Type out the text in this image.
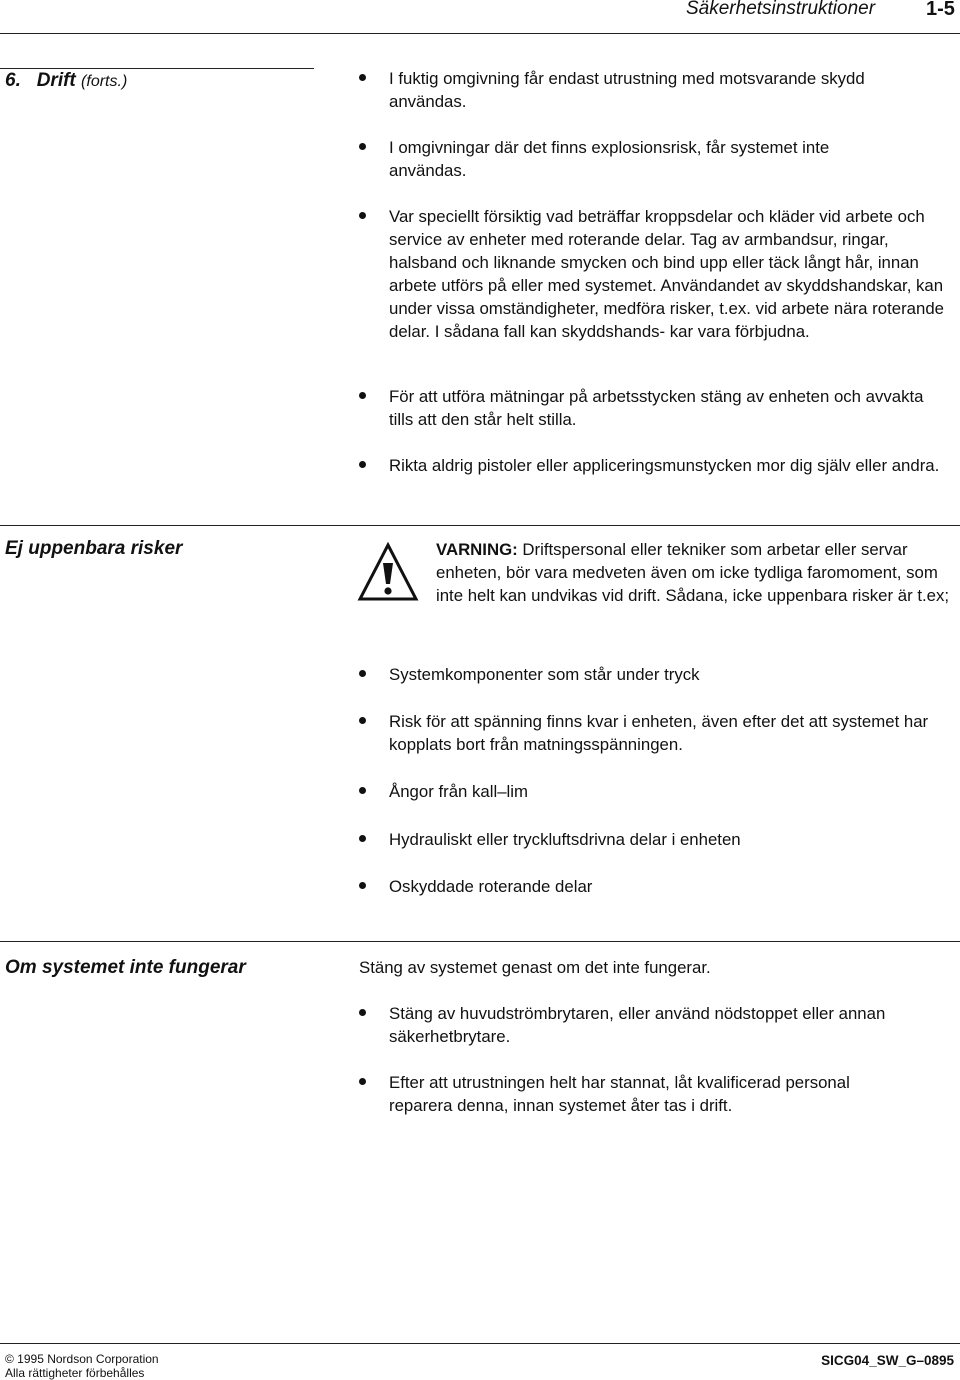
Säkerhetsinstruktioner	1-5
6. Drift (forts.)	I fuktig omgivning får endast utrustning med motsvarande skydd användas.
I omgivningar där det finns explosionsrisk, får systemet inte användas.
Var speciellt försiktig vad beträffar kroppsdelar och kläder vid arbete och service av enheter med roterande delar. Tag av armbandsur, ringar, halsband och liknande smycken och bind upp eller täck långt hår, innan arbete utförs på eller med systemet. Användandet av skyddshandskar, kan under vissa omständigheter, medföra risker, t.ex. vid arbete nära roterande delar. I sådana fall kan skyddshands- kar vara förbjudna.
För att utföra mätningar på arbetsstycken stäng av enheten och avvakta tills att den står helt stilla.
Rikta aldrig pistoler eller appliceringsmunstycken mor dig själv eller andra.
Ej uppenbara risker	VARNING: Driftspersonal eller tekniker som arbetar eller servar enheten, bör vara medveten även om icke tydliga faromoment, som inte helt kan undvikas vid drift. Sådana, icke uppenbara risker är t.ex;
Systemkomponenter som står under tryck
Risk för att spänning finns kvar i enheten, även efter det att systemet har kopplats bort från matningsspänningen.
Ångor från kall–lim
Hydrauliskt eller tryckluftsdrivna delar i enheten
Oskyddade roterande delar
Om systemet inte fungerar	Stäng av systemet genast om det inte fungerar.
Stäng av huvudströmbrytaren, eller använd nödstoppet eller annan säkerhetbrytare.
Efter att utrustningen helt har stannat, låt kvalificerad personal reparera denna, innan systemet åter tas i drift.
© 1995 Nordson Corporation
Alla rättigheter förbehålles
SICG04_SW_G–0895
